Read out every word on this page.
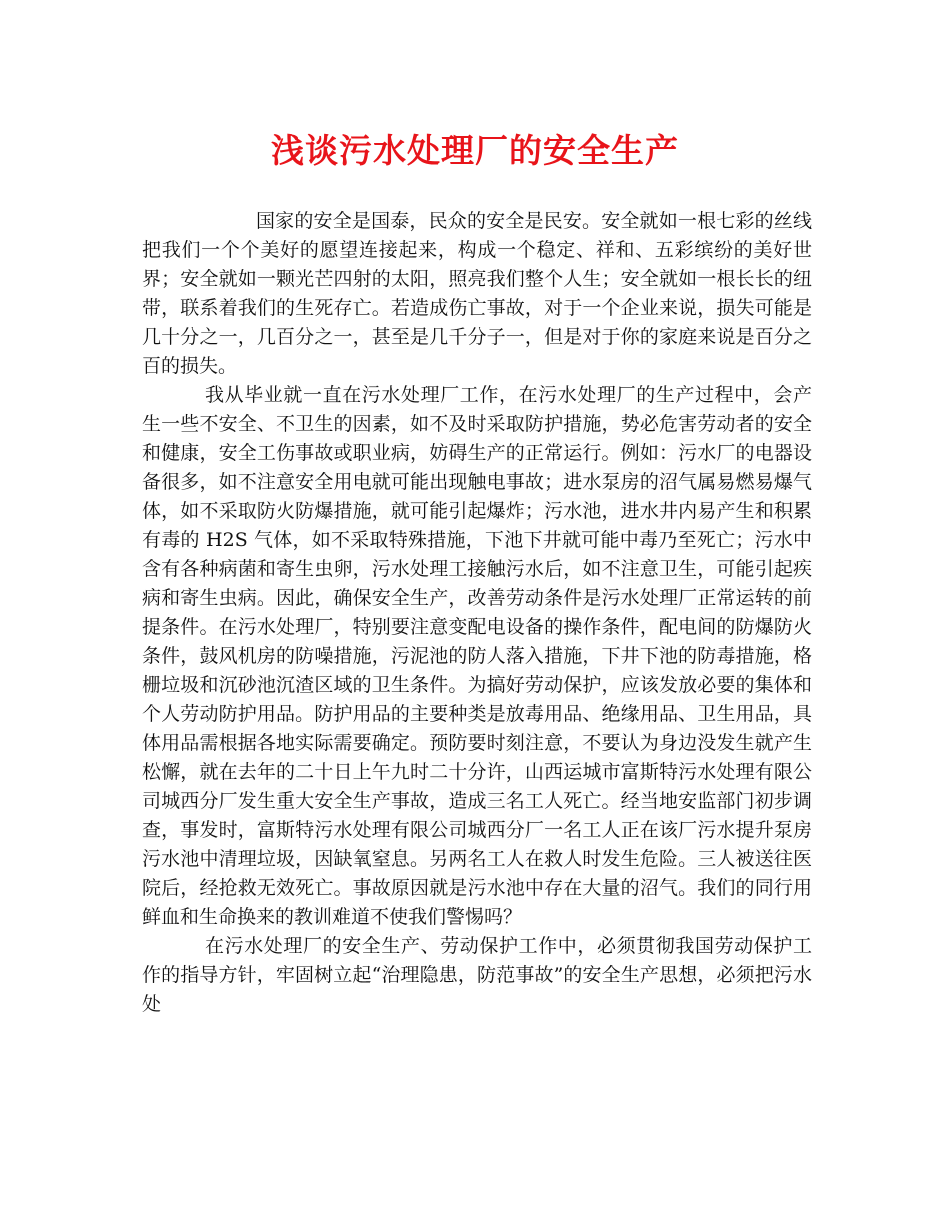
浅谈污水处理厂的安全生产

国家的安全是国泰，民众的安全是民安。安全就如一根七彩的丝线把我们一个个美好的愿望连接起来，构成一个稳定、祥和、五彩缤纷的美好世界；安全就如一颗光芒四射的太阳，照亮我们整个人生；安全就如一根长长的纽带，联系着我们的生死存亡。若造成伤亡事故，对于一个企业来说，损失可能是几十分之一，几百分之一，甚至是几千分子一，但是对于你的家庭来说是百分之百的损失。

我从毕业就一直在污水处理厂工作，在污水处理厂的生产过程中，会产生一些不安全、不卫生的因素，如不及时采取防护措施，势必危害劳动者的安全和健康，安全工伤事故或职业病，妨碍生产的正常运行。例如：污水厂的电器设备很多，如不注意安全用电就可能出现触电事故；进水泵房的沼气属易燃易爆气体，如不采取防火防爆措施，就可能引起爆炸；污水池，进水井内易产生和积累有毒的 H2S 气体，如不采取特殊措施，下池下井就可能中毒乃至死亡；污水中含有各种病菌和寄生虫卵，污水处理工接触污水后，如不注意卫生，可能引起疾病和寄生虫病。因此，确保安全生产，改善劳动条件是污水处理厂正常运转的前提条件。在污水处理厂，特别要注意变配电设备的操作条件，配电间的防爆防火条件，鼓风机房的防噪措施，污泥池的防人落入措施，下井下池的防毒措施，格栅垃圾和沉砂池沉渣区域的卫生条件。为搞好劳动保护，应该发放必要的集体和个人劳动防护用品。防护用品的主要种类是放毒用品、绝缘用品、卫生用品，具体用品需根据各地实际需要确定。预防要时刻注意，不要认为身边没发生就产生松懈，就在去年的二十日上午九时二十分许，山西运城市富斯特污水处理有限公司城西分厂发生重大安全生产事故，造成三名工人死亡。经当地安监部门初步调查，事发时，富斯特污水处理有限公司城西分厂一名工人正在该厂污水提升泵房污水池中清理垃圾，因缺氧窒息。另两名工人在救人时发生危险。三人被送往医院后，经抢救无效死亡。事故原因就是污水池中存在大量的沼气。我们的同行用鲜血和生命换来的教训难道不使我们警惕吗？

在污水处理厂的安全生产、劳动保护工作中，必须贯彻我国劳动保护工作的指导方针，牢固树立起“治理隐患，防范事故”的安全生产思想，必须把污水处
